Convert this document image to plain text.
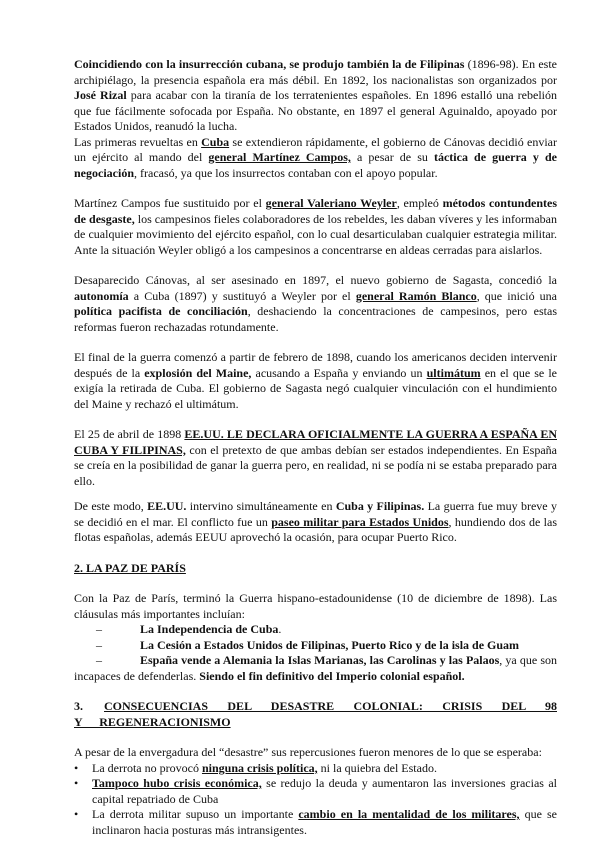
Coincidiendo con la insurrección cubana, se produjo también la de Filipinas (1896-98). En este archipiélago, la presencia española era más débil. En 1892, los nacionalistas son organizados por José Rizal para acabar con la tiranía de los terratenientes españoles. En 1896 estalló una rebelión que fue fácilmente sofocada por España. No obstante, en 1897 el general Aguinaldo, apoyado por Estados Unidos, reanudó la lucha.

Las primeras revueltas en Cuba se extendieron rápidamente, el gobierno de Cánovas decidió enviar un ejército al mando del general Martínez Campos, a pesar de su táctica de guerra y de negociación, fracasó, ya que los insurrectos contaban con el apoyo popular.

Martínez Campos fue sustituido por el general Valeriano Weyler, empleó métodos contundentes de desgaste, los campesinos fieles colaboradores de los rebeldes, les daban víveres y les informaban de cualquier movimiento del ejército español, con lo cual desarticulaban cualquier estrategia militar. Ante la situación Weyler obligó a los campesinos a concentrarse en aldeas cerradas para aislarlos.

Desaparecido Cánovas, al ser asesinado en 1897, el nuevo gobierno de Sagasta, concedió la autonomía a Cuba (1897) y sustituyó a Weyler por el general Ramón Blanco, que inició una política pacifista de conciliación, deshaciendo la concentraciones de campesinos, pero estas reformas fueron rechazadas rotundamente.

El final de la guerra comenzó a partir de febrero de 1898, cuando los americanos deciden intervenir después de la explosión del Maine, acusando a España y enviando un ultimátum en el que se le exigía la retirada de Cuba. El gobierno de Sagasta negó cualquier vinculación con el hundimiento del Maine y rechazó el ultimátum.

El 25 de abril de 1898 EE.UU. LE DECLARA OFICIALMENTE LA GUERRA A ESPAÑA EN CUBA Y FILIPINAS, con el pretexto de que ambas debían ser estados independientes. En España se creía en la posibilidad de ganar la guerra pero, en realidad, ni se podía ni se estaba preparado para ello.

De este modo, EE.UU. intervino simultáneamente en Cuba y Filipinas. La guerra fue muy breve y se decidió en el mar. El conflicto fue un paseo militar para Estados Unidos, hundiendo dos de las flotas españolas, además EEUU aprovechó la ocasión, para ocupar Puerto Rico.

2. LA PAZ DE PARÍS

Con la Paz de París, terminó la Guerra hispano-estadounidense (10 de diciembre de 1898). Las cláusulas más importantes incluían:

–	La Independencia de Cuba.
–	La Cesión a Estados Unidos de Filipinas, Puerto Rico y de la isla de Guam
–	España vende a Alemania la Islas Marianas, las Carolinas y las Palaos, ya que son incapaces de defenderlas. Siendo el fin definitivo del Imperio colonial español.

3. CONSECUENCIAS DEL DESASTRE COLONIAL: CRISIS DEL 98 Y REGENERACIONISMO

A pesar de la envergadura del “desastre” sus repercusiones fueron menores de lo que se esperaba:

• La derrota no provocó ninguna crisis política, ni la quiebra del Estado.
• Tampoco hubo crisis económica, se redujo la deuda y aumentaron las inversiones gracias al capital repatriado de Cuba
• La derrota militar supuso un importante cambio en la mentalidad de los militares, que se inclinaron hacia posturas más intransigentes.
